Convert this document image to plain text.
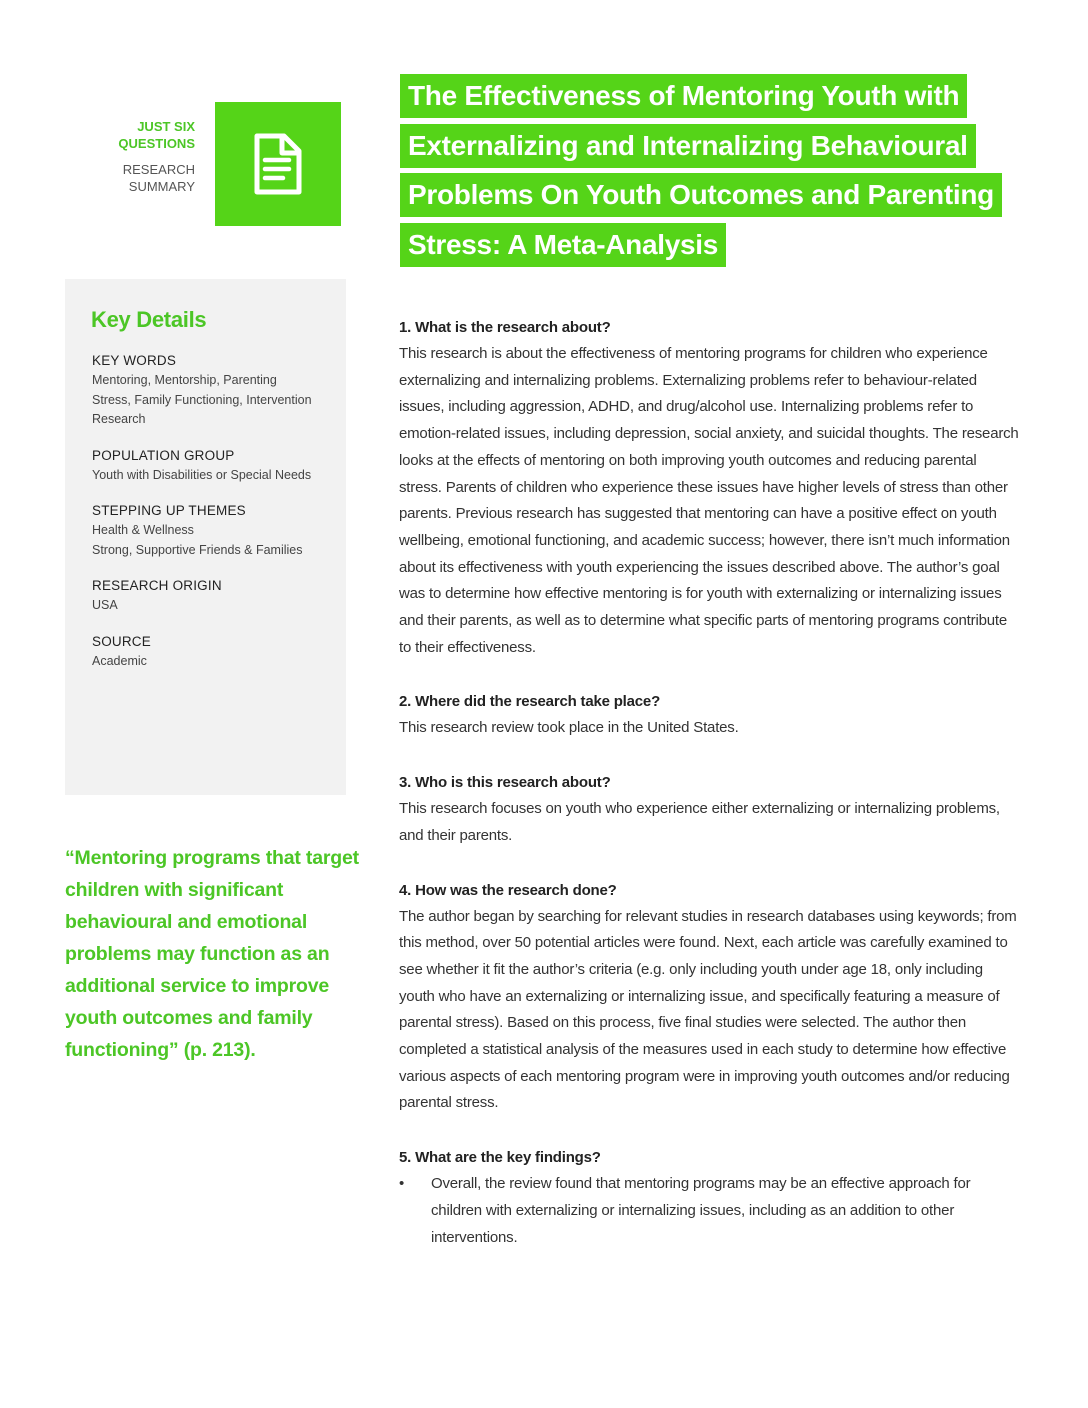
JUST SIX
QUESTIONS
RESEARCH
SUMMARY
The Effectiveness of Mentoring Youth with
Externalizing and Internalizing Behavioural
Problems On Youth Outcomes and Parenting
Stress: A Meta-Analysis
Key Details
KEY WORDS
Mentoring, Mentorship, Parenting
Stress, Family Functioning, Intervention
Research
POPULATION GROUP
Youth with Disabilities or Special Needs
STEPPING UP THEMES
Health & Wellness
Strong, Supportive Friends & Families
RESEARCH ORIGIN
USA
SOURCE
Academic

“Mentoring programs that target children with significant behavioural and emotional problems may function as an additional service to improve youth outcomes and family functioning” (p. 213).

1. What is the research about?

This research is about the effectiveness of mentoring programs for children who experience externalizing and internalizing problems. Externalizing problems refer to behaviour-related issues, including aggression, ADHD, and drug/alcohol use. Internalizing problems refer to emotion-related issues, including depression, social anxiety, and suicidal thoughts. The research looks at the effects of mentoring on both improving youth outcomes and reducing parental stress. Parents of children who experience these issues have higher levels of stress than other parents. Previous research has suggested that mentoring can have a positive effect on youth wellbeing, emotional functioning, and academic success; however, there isn’t much information about its effectiveness with youth experiencing the issues described above. The author’s goal was to determine how effective mentoring is for youth with externalizing or internalizing issues and their parents, as well as to determine what specific parts of mentoring programs contribute to their effectiveness.

2. Where did the research take place?

This research review took place in the United States.

3. Who is this research about?

This research focuses on youth who experience either externalizing or internalizing problems, and their parents.

4. How was the research done?

The author began by searching for relevant studies in research databases using keywords; from this method, over 50 potential articles were found. Next, each article was carefully examined to see whether it fit the author’s criteria (e.g. only including youth under age 18, only including youth who have an externalizing or internalizing issue, and specifically featuring a measure of parental stress). Based on this process, five final studies were selected. The author then completed a statistical analysis of the measures used in each study to determine how effective various aspects of each mentoring program were in improving youth outcomes and/or reducing parental stress.

5. What are the key findings?
• Overall, the review found that mentoring programs may be an effective approach for children with externalizing or internalizing issues, including as an addition to other interventions.
